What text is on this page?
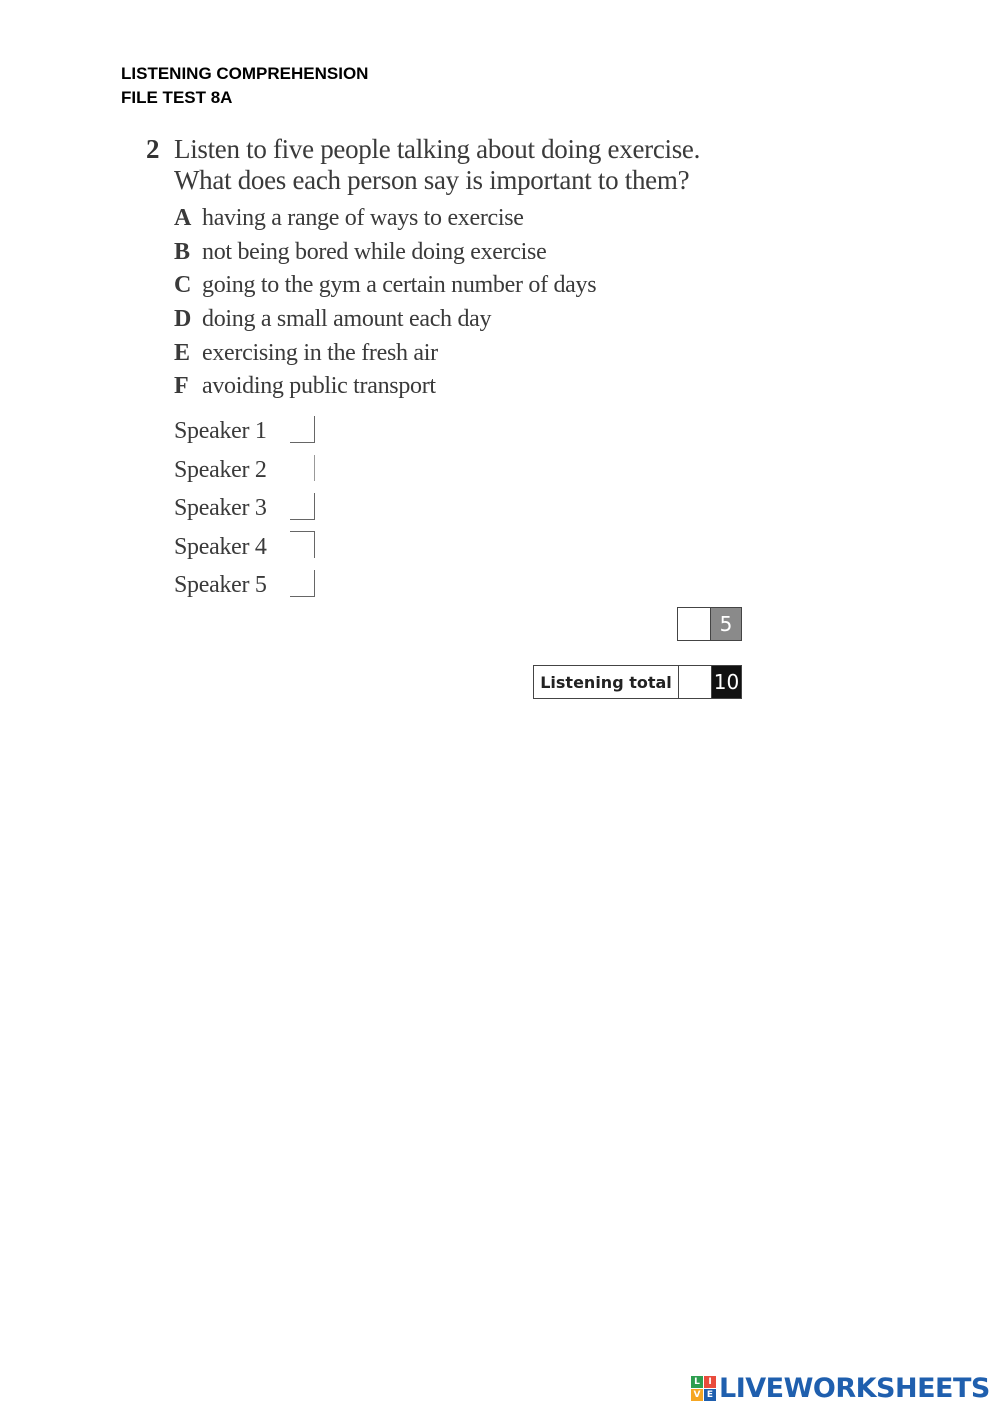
LISTENING COMPREHENSION
FILE TEST 8A
2 Listen to five people talking about doing exercise.
What does each person say is important to them?
A having a range of ways to exercise
B not being bored while doing exercise
C going to the gym a certain number of days
D doing a small amount each day
E exercising in the fresh air
F avoiding public transport
Speaker 1
Speaker 2
Speaker 3
Speaker 4
Speaker 5
5
Listening total	10
L I
V E LIVEWORKSHEETS
